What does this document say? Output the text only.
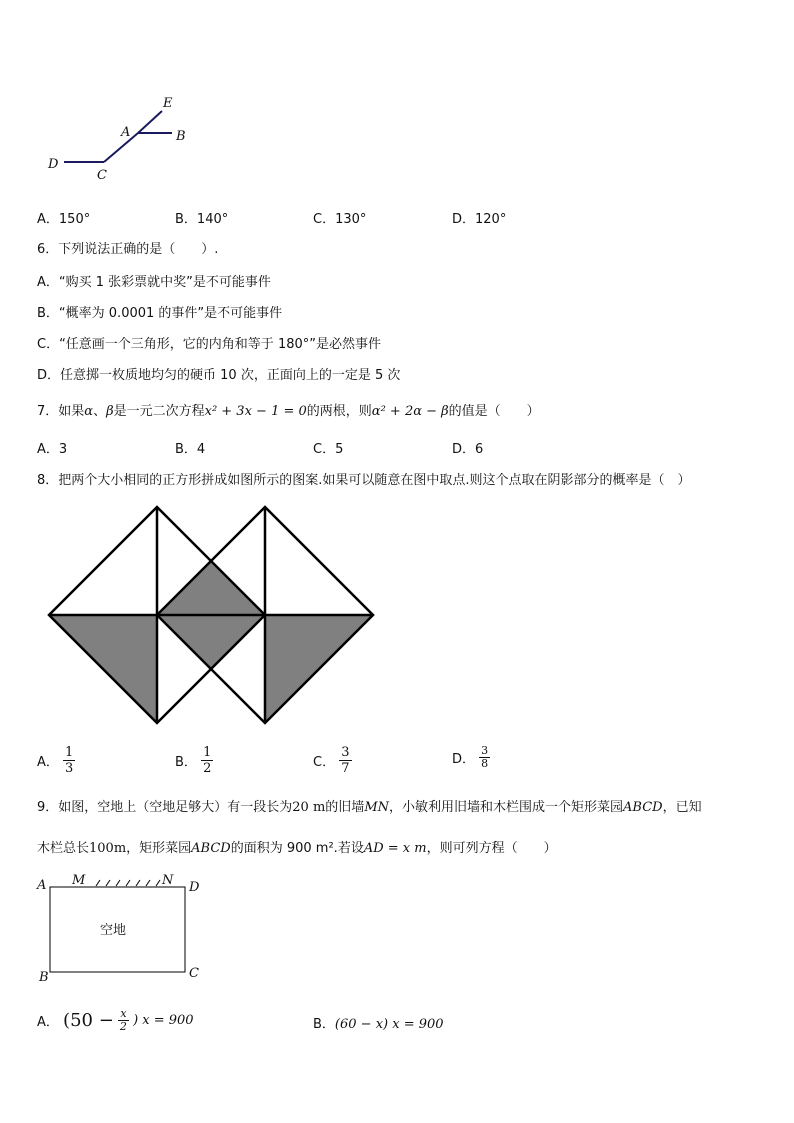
E
A	B
D
C
A．150°	B．140°	C．130°	D．120°
6．下列说法正确的是（　　）.
A．“购买 1 张彩票就中奖”是不可能事件
B．“概率为 0.0001 的事件”是不可能事件
C．“任意画一个三角形，它的内角和等于 180°”是必然事件
D．任意掷一枚质地均匀的硬币 10 次，正面向上的一定是 5 次
7．如果α、β是一元二次方程x² + 3x − 1 = 0的两根，则α² + 2α − β的值是（　　）
A．3	B．4	C．5	D．6
8．把两个大小相同的正方形拼成如图所示的图案.如果可以随意在图中取点.则这个点取在阴影部分的概率是（　）
A． $\frac{1}{3}$	B． $\frac{1}{2}$	C． $\frac{3}{7}$	D． $\frac{3}{8}$
9．如图，空地上（空地足够大）有一段长为20 m的旧墙MN，小敏利用旧墙和木栏围成一个矩形菜园ABCD，已知
木栏总长100m，矩形菜园ABCD的面积为 900 m².若设AD = x m，则可列方程（　　）
A M	N D
B	C
空地
A． ($50 - \frac{x}{2}$ ) x = 900	B．(60 − x) x = 900
